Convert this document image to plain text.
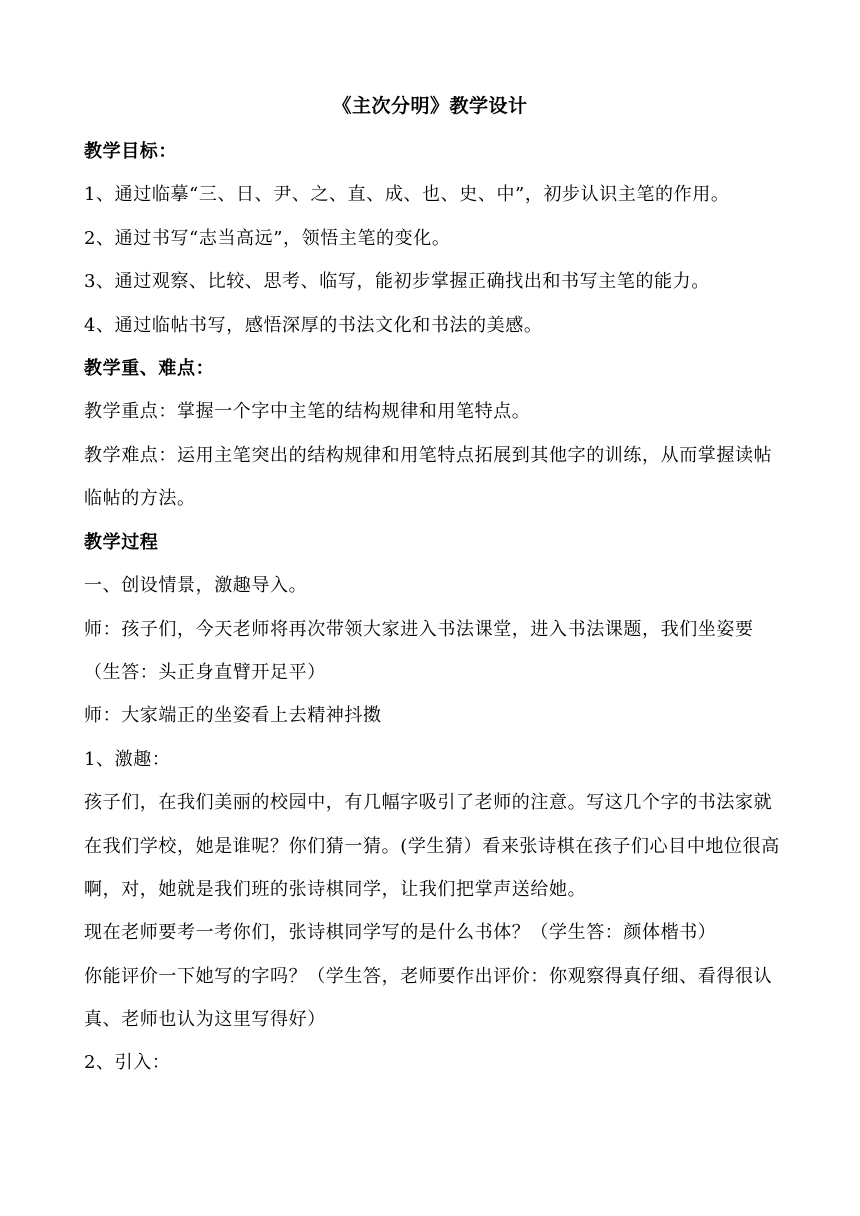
《主次分明》教学设计
教学目标：
1、通过临摹“三、日、尹、之、直、成、也、史、中”，初步认识主笔的作用。
2、通过书写“志当高远”，领悟主笔的变化。
3、通过观察、比较、思考、临写，能初步掌握正确找出和书写主笔的能力。
4、通过临帖书写，感悟深厚的书法文化和书法的美感。
教学重、难点：
教学重点：掌握一个字中主笔的结构规律和用笔特点。
教学难点：运用主笔突出的结构规律和用笔特点拓展到其他字的训练，从而掌握读帖临帖的方法。
教学过程
一、创设情景，激趣导入。
师：孩子们，今天老师将再次带领大家进入书法课堂，进入书法课题，我们坐姿要（生答：头正身直臂开足平）
师：大家端正的坐姿看上去精神抖擞
1、激趣：
孩子们，在我们美丽的校园中，有几幅字吸引了老师的注意。写这几个字的书法家就在我们学校，她是谁呢？你们猜一猜。(学生猜）看来张诗棋在孩子们心目中地位很高啊，对，她就是我们班的张诗棋同学，让我们把掌声送给她。
现在老师要考一考你们，张诗棋同学写的是什么书体？（学生答：颜体楷书）
你能评价一下她写的字吗？（学生答，老师要作出评价：你观察得真仔细、看得很认真、老师也认为这里写得好）
2、引入：
